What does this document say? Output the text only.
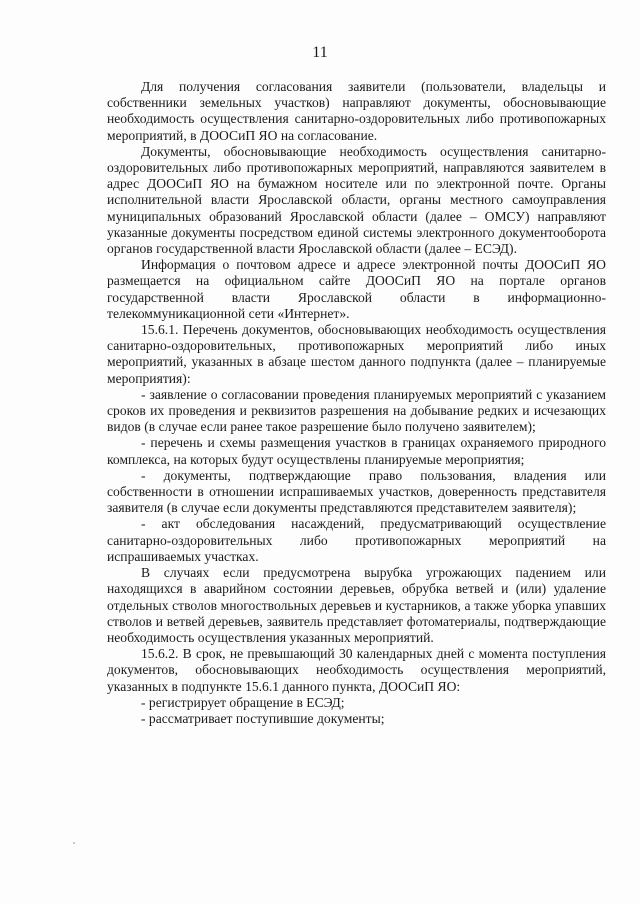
11

Для получения согласования заявители (пользователи, владельцы и собственники земельных участков) направляют документы, обосновывающие необходимость осуществления санитарно-оздоровительных либо противопожарных мероприятий, в ДООСиП ЯО на согласование.

Документы, обосновывающие необходимость осуществления санитарно-оздоровительных либо противопожарных мероприятий, направляются заявителем в адрес ДООСиП ЯО на бумажном носителе или по электронной почте. Органы исполнительной власти Ярославской области, органы местного самоуправления муниципальных образований Ярославской области (далее – ОМСУ) направляют указанные документы посредством единой системы электронного документооборота органов государственной власти Ярославской области (далее – ЕСЭД).

Информация о почтовом адресе и адресе электронной почты ДООСиП ЯО размещается на официальном сайте ДООСиП ЯО на портале органов государственной власти Ярославской области в информационно-телекоммуникационной сети «Интернет».

15.6.1. Перечень документов, обосновывающих необходимость осуществления санитарно-оздоровительных, противопожарных мероприятий либо иных мероприятий, указанных в абзаце шестом данного подпункта (далее – планируемые мероприятия):

- заявление о согласовании проведения планируемых мероприятий с указанием сроков их проведения и реквизитов разрешения на добывание редких и исчезающих видов (в случае если ранее такое разрешение было получено заявителем);

- перечень и схемы размещения участков в границах охраняемого природного комплекса, на которых будут осуществлены планируемые мероприятия;

- документы, подтверждающие право пользования, владения или собственности в отношении испрашиваемых участков, доверенность представителя заявителя (в случае если документы представляются представителем заявителя);

- акт обследования насаждений, предусматривающий осуществление санитарно-оздоровительных либо противопожарных мероприятий на испрашиваемых участках.

В случаях если предусмотрена вырубка угрожающих падением или находящихся в аварийном состоянии деревьев, обрубка ветвей и (или) удаление отдельных стволов многоствольных деревьев и кустарников, а также уборка упавших стволов и ветвей деревьев, заявитель представляет фотоматериалы, подтверждающие необходимость осуществления указанных мероприятий.

15.6.2. В срок, не превышающий 30 календарных дней с момента поступления документов, обосновывающих необходимость осуществления мероприятий, указанных в подпункте 15.6.1 данного пункта, ДООСиП ЯО:

- регистрирует обращение в ЕСЭД;

- рассматривает поступившие документы;
